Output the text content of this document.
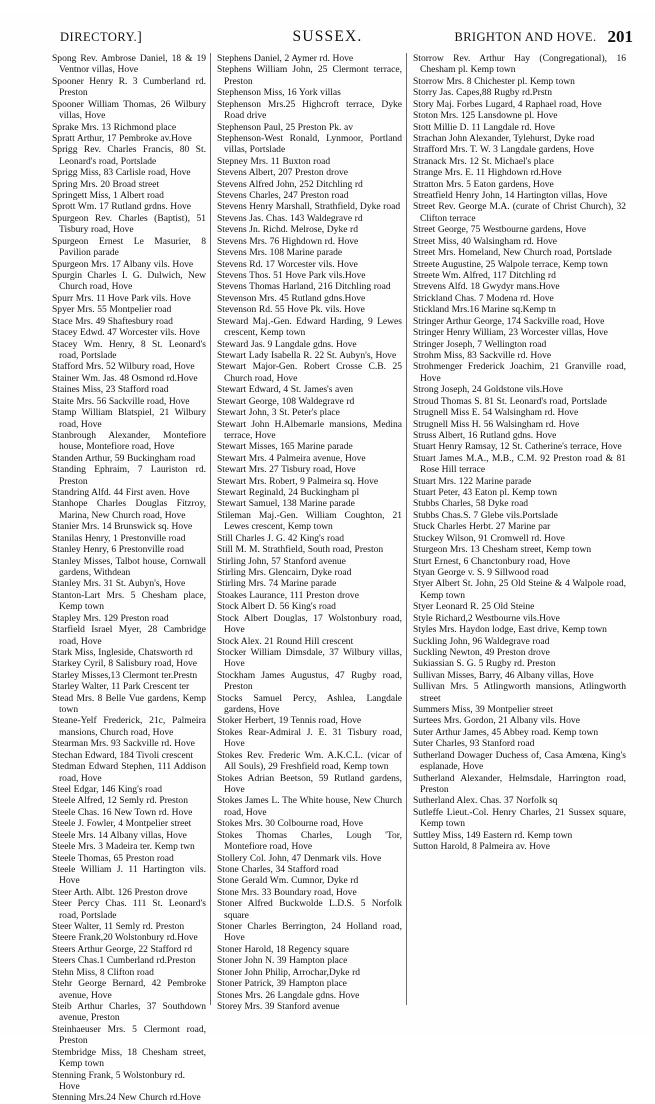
DIRECTORY.]	SUSSEX.	BRIGHTON AND HOVE. 201

Spong Rev. Ambrose Daniel, 18 & 19 Ventnor villas, Hove

Spooner Henry R. 3 Cumberland rd. Preston

Spooner William Thomas, 26 Wilbury villas, Hove

Sprake Mrs. 13 Richmond place

Spratt Arthur, 17 Pembroke av.Hove

Sprigg Rev. Charles Francis, 80 St. Leonard's road, Portslade

Sprigg Miss, 83 Carlisle road, Hove

Spring Mrs. 20 Broad street

Springett Miss, 1 Albert road

Sprott Wm. 17 Rutland grdns. Hove

Spurgeon Rev. Charles (Baptist), 51 Tisbury road, Hove

Spurgeon Ernest Le Masurier, 8 Pavilion parade

Spurgeon Mrs. 17 Albany vils. Hove

Spurgin Charles I. G. Dulwich, New Church road, Hove

Spurr Mrs. 11 Hove Park vils. Hove

Spyer Mrs. 55 Montpelier road

Stace Mrs. 49 Shaftesbury road

Stacey Edwd. 47 Worcester vils. Hove

Stacey Wm. Henry, 8 St. Leonard's road, Portslade

Stafford Mrs. 52 Wilbury road, Hove

Stainer Wm. Jas. 48 Osmond rd.Hove

Staines Miss, 23 Stafford road

Staite Mrs. 56 Sackville road, Hove

Stamp William Blatspiel, 21 Wilbury road, Hove

Stanbrough Alexander, Montefiore house, Montefiore road, Hove

Standen Arthur, 59 Buckingham road

Standing Ephraim, 7 Lauriston rd. Preston

Standring Alfd. 44 First aven. Hove

Stanhope Charles Douglas Fitzroy, Marina, New Church road, Hove

Stanier Mrs. 14 Brunswick sq. Hove

Stanilas Henry, 1 Prestonville road

Stanley Henry, 6 Prestonville road

Stanley Misses, Talbot house, Cornwall gardens, Withdean

Stanley Mrs. 31 St. Aubyn's, Hove

Stanton-Lart Mrs. 5 Chesham place, Kemp town

Stapley Mrs. 129 Preston road

Starfield Israel Myer, 28 Cambridge road, Hove

Stark Miss, Ingleside, Chatsworth rd

Starkey Cyril, 8 Salisbury road, Hove

Starley Misses,13 Clermont ter.Prestn

Starley Walter, 11 Park Crescent ter

Stead Mrs. 8 Belle Vue gardens, Kemp town

Steane-Yelf Frederick, 21c, Palmeira mansions, Church road, Hove

Stearman Mrs. 93 Sackville rd. Hove

Stechan Edward, 184 Tivoli crescent

Stedman Edward Stephen, 111 Addison road, Hove

Steel Edgar, 146 King's road

Steele Alfred, 12 Semly rd. Preston

Steele Chas. 16 New Town rd. Hove

Steele J. Fowler, 4 Montpelier street

Steele Mrs. 14 Albany villas, Hove

Steele Mrs. 3 Madeira ter. Kemp twn

Steele Thomas, 65 Preston road

Steele William J. 11 Hartington vils. Hove

Steer Arth. Albt. 126 Preston drove

Steer Percy Chas. 111 St. Leonard's road, Portslade

Steer Walter, 11 Semly rd. Preston

Steere Frank,20 Wolstonbury rd.Hove

Steers Arthur George, 22 Stafford rd

Steers Chas.1 Cumberland rd.Preston

Stehn Miss, 8 Clifton road

Stehr George Bernard, 42 Pembroke avenue, Hove

Steib Arthur Charles, 37 Southdown avenue, Preston

Steinhaeuser Mrs. 5 Clermont road, Preston

Stembridge Miss, 18 Chesham street, Kemp town

Stenning Frank, 5 Wolstonbury rd. Hove

Stenning Mrs.24 New Church rd.Hove

Stephens Daniel, 2 Aymer rd. Hove

Stephens William John, 25 Clermont terrace, Preston

Stephenson Miss, 16 York villas

Stephenson Mrs.25 Highcroft terrace, Dyke Road drive

Stephenson Paul, 25 Preston Pk. av

Stephenson-West Ronald, Lynmoor, Portland villas, Portslade

Stepney Mrs. 11 Buxton road

Stevens Albert, 207 Preston drove

Stevens Alfred John, 252 Ditchling rd

Stevens Charles, 247 Preston road

Stevens Henry Marshall, Strathfield, Dyke road

Stevens Jas. Chas. 143 Waldegrave rd

Stevens Jn. Richd. Melrose, Dyke rd

Stevens Mrs. 76 Highdown rd. Hove

Stevens Mrs. 108 Marine parade

Stevens Rd. 17 Worcester vils. Hove

Stevens Thos. 51 Hove Park vils.Hove

Stevens Thomas Harland, 216 Ditchling road

Stevenson Mrs. 45 Rutland gdns.Hove

Stevenson Rd. 55 Hove Pk. vils. Hove

Steward Maj.-Gen. Edward Harding, 9 Lewes crescent, Kemp town

Steward Jas. 9 Langdale gdns. Hove

Stewart Lady Isabella R. 22 St. Aubyn's, Hove

Stewart Major-Gen. Robert Crosse C.B. 25 Church road, Hove

Stewart Edward, 4 St. James's aven

Stewart George, 108 Waldegrave rd

Stewart John, 3 St. Peter's place

Stewart John H.Albemarle mansions, Medina terrace, Hove

Stewart Misses, 165 Marine parade

Stewart Mrs. 4 Palmeira avenue, Hove

Stewart Mrs. 27 Tisbury road, Hove

Stewart Mrs. Robert, 9 Palmeira sq. Hove

Stewart Reginald, 24 Buckingham pl

Stewart Samuel, 138 Marine parade

Stileman Maj.-Gen. William Coughton, 21 Lewes crescent, Kemp town

Still Charles J. G. 42 King's road

Still M. M. Strathfield, South road, Preston

Stirling John, 57 Stanford avenue

Stirling Mrs. Glencairn, Dyke road

Stirling Mrs. 74 Marine parade

Stoakes Laurance, 111 Preston drove

Stock Albert D. 56 King's road

Stock Albert Douglas, 17 Wolstonbury road, Hove

Stock Alex. 21 Round Hill crescent

Stocker William Dimsdale, 37 Wilbury villas, Hove

Stockham James Augustus, 47 Rugby road, Preston

Stocks Samuel Percy, Ashlea, Langdale gardens, Hove

Stoker Herbert, 19 Tennis road, Hove

Stokes Rear-Admiral J. E. 31 Tisbury road, Hove

Stokes Rev. Frederic Wm. A.K.C.L. (vicar of All Souls), 29 Freshfield road, Kemp town

Stokes Adrian Beetson, 59 Rutland gardens, Hove

Stokes James L. The White house, New Church road, Hove

Stokes Mrs. 30 Colbourne road, Hove

Stokes Thomas Charles, Lough 'Tor, Montefiore road, Hove

Stollery Col. John, 47 Denmark vils. Hove

Stone Charles, 34 Stafford road

Stone Gerald Wm. Cumnor, Dyke rd

Stone Mrs. 33 Boundary road, Hove

Stoner Alfred Buckwolde L.D.S. 5 Norfolk square

Stoner Charles Berrington, 24 Holland road, Hove

Stoner Harold, 18 Regency square

Stoner John N. 39 Hampton place

Stoner John Philip, Arrochar,Dyke rd

Stoner Patrick, 39 Hampton place

Stones Mrs. 26 Langdale gdns. Hove

Storey Mrs. 39 Stanford avenue

Storrow Rev. Arthur Hay (Congregational), 16 Chesham pl. Kemp town

Storrow Mrs. 8 Chichester pl. Kemp town

Storry Jas. Capes,88 Rugby rd.Prstn

Story Maj. Forbes Lugard, 4 Raphael road, Hove

Stoton Mrs. 125 Lansdowne pl. Hove

Stott Millie D. 11 Langdale rd. Hove

Strachan John Alexander, Tylehurst, Dyke road

Strafford Mrs. T. W. 3 Langdale gardens, Hove

Stranack Mrs. 12 St. Michael's place

Strange Mrs. E. 11 Highdown rd.Hove

Stratton Mrs. 5 Eaton gardens, Hove

Streatfield Henry John, 14 Hartington villas, Hove

Street Rev. George M.A. (curate of Christ Church), 32 Clifton terrace

Street George, 75 Westbourne gardens, Hove

Street Miss, 40 Walsingham rd. Hove

Street Mrs. Homeland, New Church road, Portslade

Streete Augustine, 25 Walpole terrace, Kemp town

Streete Wm. Alfred, 117 Ditchling rd

Strevens Alfd. 18 Gwydyr mans.Hove

Strickland Chas. 7 Modena rd. Hove

Stickland Mrs.16 Marine sq.Kemp tn

Stringer Arthur George, 174 Sackville road, Hove

Stringer Henry William, 23 Worcester villas, Hove

Stringer Joseph, 7 Wellington road

Strohm Miss, 83 Sackville rd. Hove

Strohmenger Frederick Joachim, 21 Granville road, Hove

Strong Joseph, 24 Goldstone vils.Hove

Stroud Thomas S. 81 St. Leonard's road, Portslade

Strugnell Miss E. 54 Walsingham rd. Hove

Strugnell Miss H. 56 Walsingham rd. Hove

Struss Albert, 16 Rutland gdns. Hove

Stuart Henry Ramsay, 12 St. Catherine's terrace, Hove

Stuart James M.A., M.B., C.M. 92 Preston road & 81 Rose Hill terrace

Stuart Mrs. 122 Marine parade

Stuart Peter, 43 Eaton pl. Kemp town

Stubbs Charles, 58 Dyke road

Stubbs Chas.S. 7 Glebe vils.Portslade

Stuck Charles Herbt. 27 Marine par

Stuckey Wilson, 91 Cromwell rd. Hove

Sturgeon Mrs. 13 Chesham street, Kemp town

Sturt Ernest, 6 Chanctonbury road, Hove

Styan George v. S. 9 Sillwood road

Styer Albert St. John, 25 Old Steine & 4 Walpole road, Kemp town

Styer Leonard R. 25 Old Steine

Style Richard,2 Westbourne vils.Hove

Styles Mrs. Haydon lodge, East drive, Kemp town

Suckling John, 96 Waldegrave road

Suckling Newton, 49 Preston drove

Sukiassian S. G. 5 Rugby rd. Preston

Sullivan Misses, Barry, 46 Albany villas, Hove

Sullivan Mrs. 5 Atlingworth mansions, Atlingworth street

Summers Miss, 39 Montpelier street

Surtees Mrs. Gordon, 21 Albany vils. Hove

Suter Arthur James, 45 Abbey road. Kemp town

Suter Charles, 93 Stanford road

Sutherland Dowager Duchess of, Casa Amœna, King's esplanade, Hove

Sutherland Alexander, Helmsdale, Harrington road, Preston

Sutherland Alex. Chas. 37 Norfolk sq

Sutleffe Lieut.-Col. Henry Charles, 21 Sussex square, Kemp town

Suttley Miss, 149 Eastern rd. Kemp town

Sutton Harold, 8 Palmeira av. Hove
